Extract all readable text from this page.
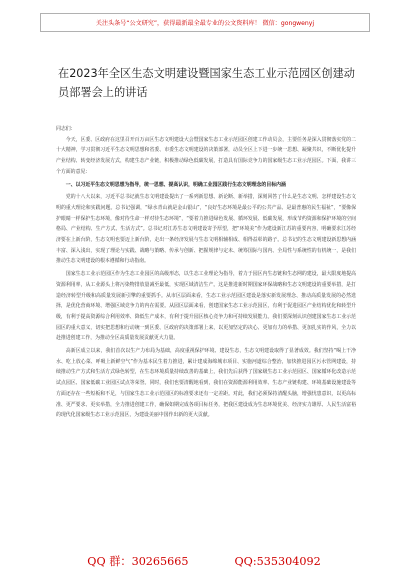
关注头条号“公文研究”，获得最新最全最专业的公文资料库！ 微信：gongwenyj
在2023年全区生态文明建设暨国家生态工业示范园区创建动员部署会上的讲话

同志们：

今天，区委、区政府在这里召开百万亩区生态文明建设大会暨国家生态工业示范园区创建工作动员会，主要任务是深入贯彻落实党的二十大精神，学习贯彻习近平生态文明思想和省委、市委生态文明建设的决策部署，动员全区上下进一步统一思想、凝聚共识，不断优化提升产业结构、转变经济发展方式，构建生态产业链，积极推动绿色低碳发展，打造具有国际竞争力的国家级生态工业示范园区。下面，我讲三个方面的意见：

一、以习近平生态文明思想为指导，统一思想、提高认识，明确工业园区践行生态文明理念的目标内涵

党的十八大以来，习近平总书记就生态文明建设提出了一系列新思想、新论断、新举措，深刻回答了什么是生态文明、怎样建设生态文明的重大理论和实践问题。总书记强调，“绿水青山就是金山银山”，“良好生态环境是最公平的公共产品、是最普惠的民生福祉”，“要像保护眼睛一样保护生态环境，像对待生命一样对待生态环境”，“要着力推进绿色发展、循环发展、低碳发展，形成节约资源和保护环境的空间格局、产业结构、生产方式、生活方式”。总书记对江苏生态文明建设寄予厚望，把“环境美”作为建设新江苏的重要内容，明确要求江苏经济要在上新台阶，生态文明也要迈上新台阶，走出一条经济发展与生态文明相辅相成、相得益彰的路子。总书记的生态文明建设新思想内涵丰富、深入浅出，实现了理论与实践、战略与策略、传承与创新、把握规律与定未、统筹国际与国内、全局性与系统性的有机统一，是我们推动生态文明建设的根本遵循和行动指南。

国家生态工业示范园区作为生态工业园区的高级形态，以生态工业理论为指导，着力于园区内生态链和生态网的建设，最大限度地提高资源利用率，从工业源头上将污染物排放量减至最低，实现区域清洁生产。这是推进新时期国家环保战略和生态文明建设的重要举措，是打造经济转型升级和高质量发展新引擎的重要抓手。从市区层面来看，生态工业示范园区建设是落实新发展理念、推动高质量发展的必然选择，是优化营商环境、增强区域竞争力的内在需要。从园区层面来看，创建国家生态工业示范园区，有利于促进园区产业结构优化和转型升级，有利于提高资源综合利用效率、降低生产成本，有利于提升园区核心竞争力和可持续发展能力。我们要深刻认识创建国家生态工业示范园区的重大意义，切实把思想和行动统一到区委、区政府的决策部署上来，以更加坚定的决心、更加有力的举措、更加扎实的作风，全力以赴推进创建工作，为推动全区高质量发展贡献更大力量。

高新区成立以来，我们首次以生产力布局为基础，高度重视保护环境、建设生态，生态文明建设取得了显著成效。我们坚持“喝上干净水、吃上放心菜、呼吸上新鲜空气”作为基本民生着力推进，累计建成海绵城市项目、实施河道综合整治，加快推进园区污水管网建设，持续推动生产方式和生活方式绿色转型，在生态环境质量持续改善的基础上，我们先后获得了国家级生态工业示范园区、国家循环化改造示范试点园区、国家低碳工业园区试点等荣誉。同时，我们也要清醒地看到，我们在资源能源利用效率、生态产业链构建、环境基础设施建设等方面还存在一些短板和不足，与国家生态工业示范园区的标准要求还有一定差距。对此，我们必须保持清醒头脑，增强忧患意识，以更高标准、更严要求、更实举措，全力推进创建工作，确保如期完成各项目标任务，把我区建设成为生态环境优美、经济实力雄厚、人民生活富裕的现代化国家级生态工业示范园区，为建设美丽中国作出新的更大贡献。

QQ 群：30265665	QQ:535304092
